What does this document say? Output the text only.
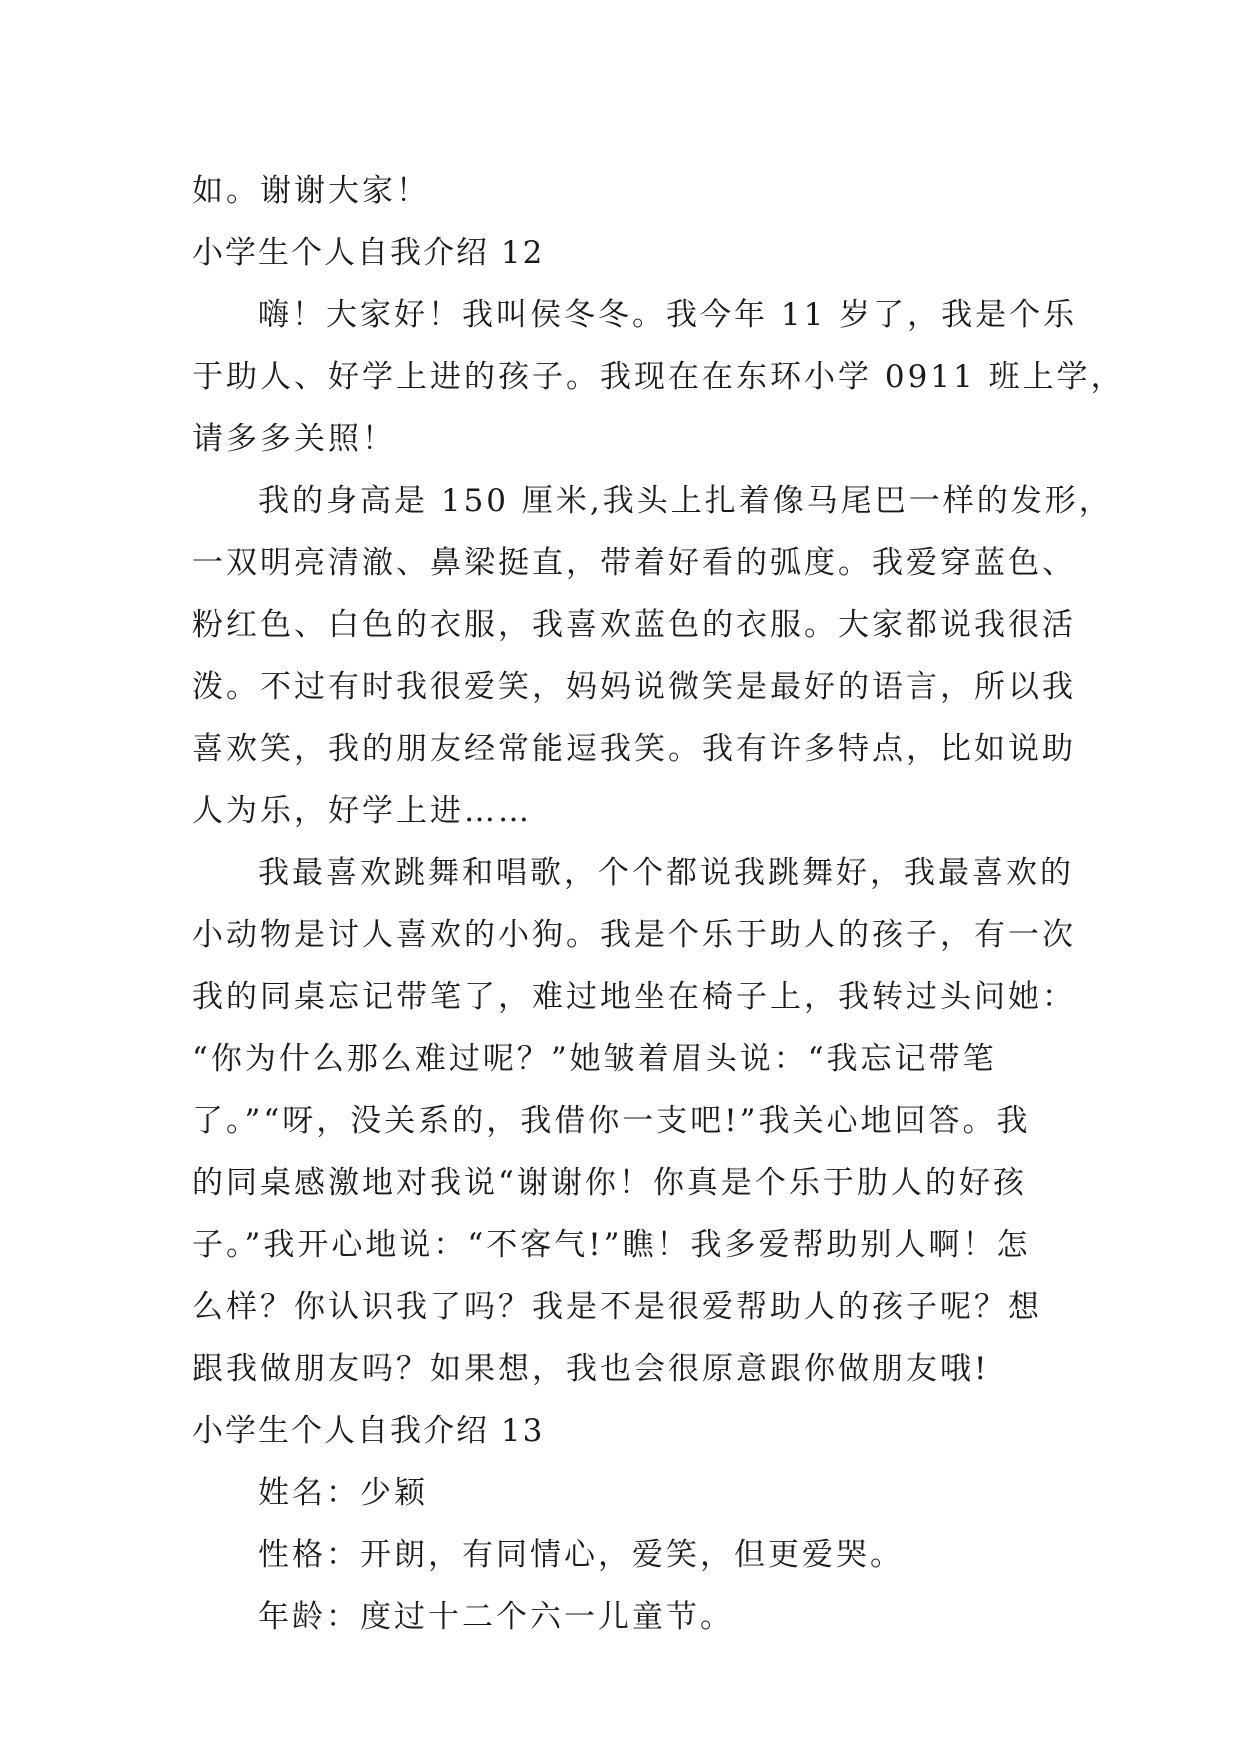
如。谢谢大家！
小学生个人自我介绍 12
嗨！大家好！我叫侯冬冬。我今年 11 岁了，我是个乐
于助人、好学上进的孩子。我现在在东环小学 0911 班上学，
请多多关照！
我的身高是 150 厘米,我头上扎着像马尾巴一样的发形，
一双明亮清澈、鼻梁挺直，带着好看的弧度。我爱穿蓝色、
粉红色、白色的衣服，我喜欢蓝色的衣服。大家都说我很活
泼。不过有时我很爱笑，妈妈说微笑是最好的语言，所以我
喜欢笑，我的朋友经常能逗我笑。我有许多特点，比如说助
人为乐，好学上进……
我最喜欢跳舞和唱歌，个个都说我跳舞好，我最喜欢的
小动物是讨人喜欢的小狗。我是个乐于助人的孩子，有一次
我的同桌忘记带笔了，难过地坐在椅子上，我转过头问她：
“你为什么那么难过呢？”她皱着眉头说：“我忘记带笔
了。”“呀，没关系的，我借你一支吧!”我关心地回答。我
的同桌感激地对我说“谢谢你！你真是个乐于肋人的好孩
子。”我开心地说：“不客气!”瞧！我多爱帮助别人啊！怎
么样？你认识我了吗？我是不是很爱帮助人的孩子呢？想
跟我做朋友吗？如果想，我也会很原意跟你做朋友哦!
小学生个人自我介绍 13
姓名：少颖
性格：开朗，有同情心，爱笑，但更爱哭。
年龄：度过十二个六一儿童节。
